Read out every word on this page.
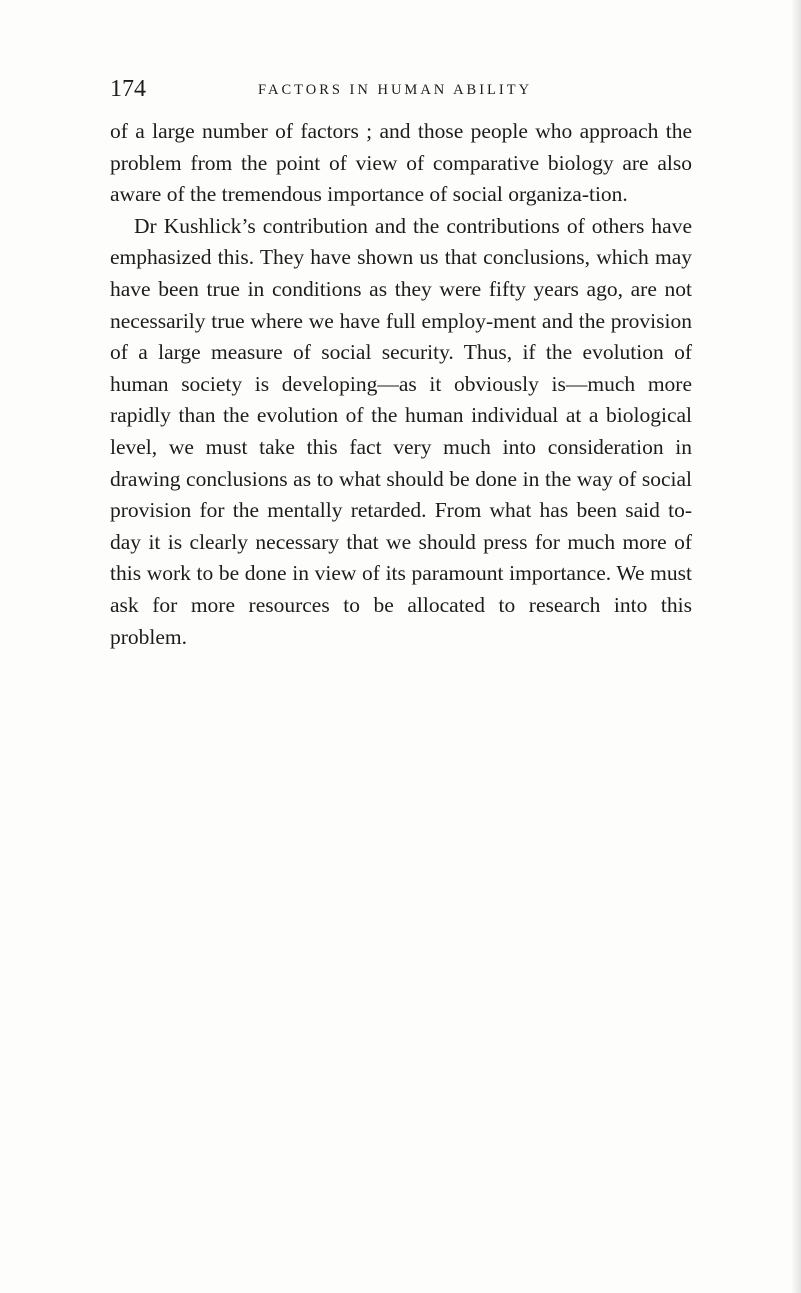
174	FACTORS IN HUMAN ABILITY

of a large number of factors ; and those people who approach the problem from the point of view of comparative biology are also aware of the tremendous importance of social organiza-tion.

Dr Kushlick’s contribution and the contributions of others have emphasized this. They have shown us that conclusions, which may have been true in conditions as they were fifty years ago, are not necessarily true where we have full employ-ment and the provision of a large measure of social security. Thus, if the evolution of human society is developing—as it obviously is—much more rapidly than the evolution of the human individual at a biological level, we must take this fact very much into consideration in drawing conclusions as to what should be done in the way of social provision for the mentally retarded. From what has been said to-day it is clearly necessary that we should press for much more of this work to be done in view of its paramount importance. We must ask for more resources to be allocated to research into this problem.
